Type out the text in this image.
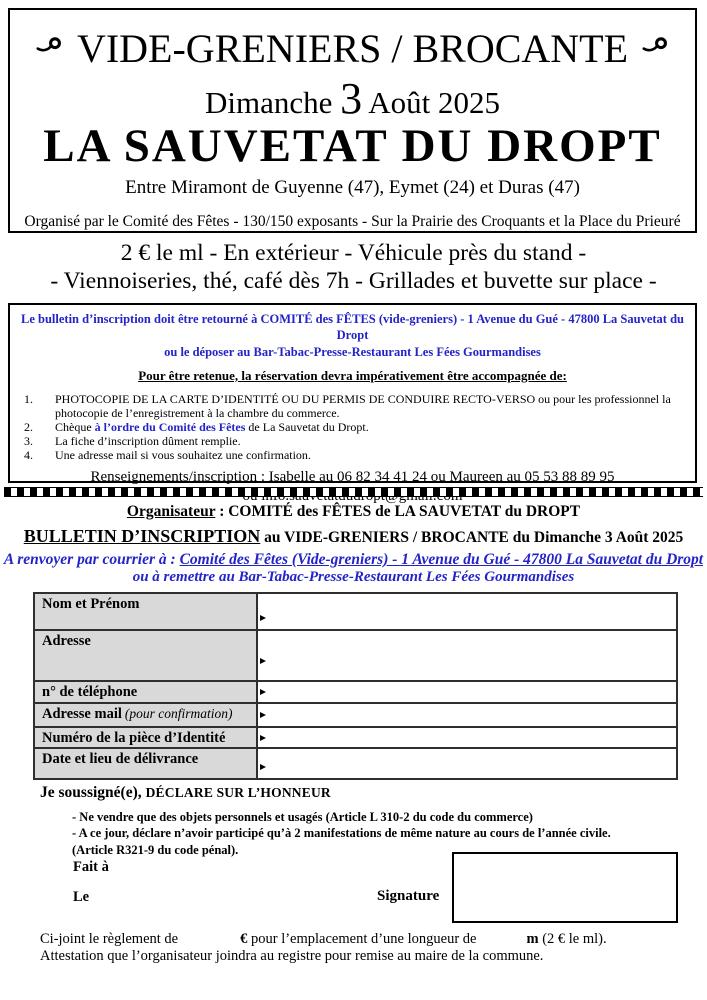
VIDE-GRENIERS / BROCANTE
Dimanche 3 Août 2025
LA SAUVETAT DU DROPT
Entre Miramont de Guyenne (47), Eymet (24) et Duras (47)
Organisé par le Comité des Fêtes - 130/150 exposants - Sur la Prairie des Croquants et la Place du Prieuré
2 € le ml - En extérieur - Véhicule près du stand -
- Viennoiseries, thé, café dès 7h - Grillades et buvette sur place -
Le bulletin d’inscription doit être retourné à COMITÉ des FÊTES (vide-greniers) - 1 Avenue du Gué - 47800 La Sauvetat du Dropt
ou le déposer au Bar-Tabac-Presse-Restaurant Les Fées Gourmandises
Pour être retenue, la réservation devra impérativement être accompagnée de:
1.	PHOTOCOPIE DE LA CARTE D’IDENTITÉ OU DU PERMIS DE CONDUIRE RECTO-VERSO ou pour les professionnel la photocopie de l’enregistrement à la chambre du commerce.
2.	Chèque à l’ordre du Comité des Fêtes de La Sauvetat du Dropt.
3.	La fiche d’inscription dûment remplie.
4.	Une adresse mail si vous souhaitez une confirmation.
Renseignements/inscription : Isabelle au 06 82 34 41 24 ou Maureen au 05 53 88 89 95
Organisateur : COMITÉ des FÊTES de LA SAUVETAT du DROPT
BULLETIN D’INSCRIPTION au VIDE-GRENIERS / BROCANTE du Dimanche 3 Août 2025
A renvoyer par courrier à : Comité des Fêtes (Vide-greniers) - 1 Avenue du Gué - 47800 La Sauvetat du Dropt
ou à remettre au Bar-Tabac-Presse-Restaurant Les Fées Gourmandises
Nom et Prénom	

Adresse	

n° de téléphone	

Adresse mail (pour confirmation)	

Numéro de la pièce d’Identité	

Date et lieu de délivrance	
Je soussigné(e), DÉCLARE SUR L’HONNEUR
- Ne vendre que des objets personnels et usagés (Article L 310-2 du code du commerce)
- A ce jour, déclare n’avoir participé qu’à 2 manifestations de même nature au cours de l’année civile.
(Article R321-9 du code pénal).
Fait à
Le	Signature
Ci-joint le règlement de	€ pour l’emplacement d’une longueur de	m (2 € le ml).
Attestation que l’organisateur joindra au registre pour remise au maire de la commune.
